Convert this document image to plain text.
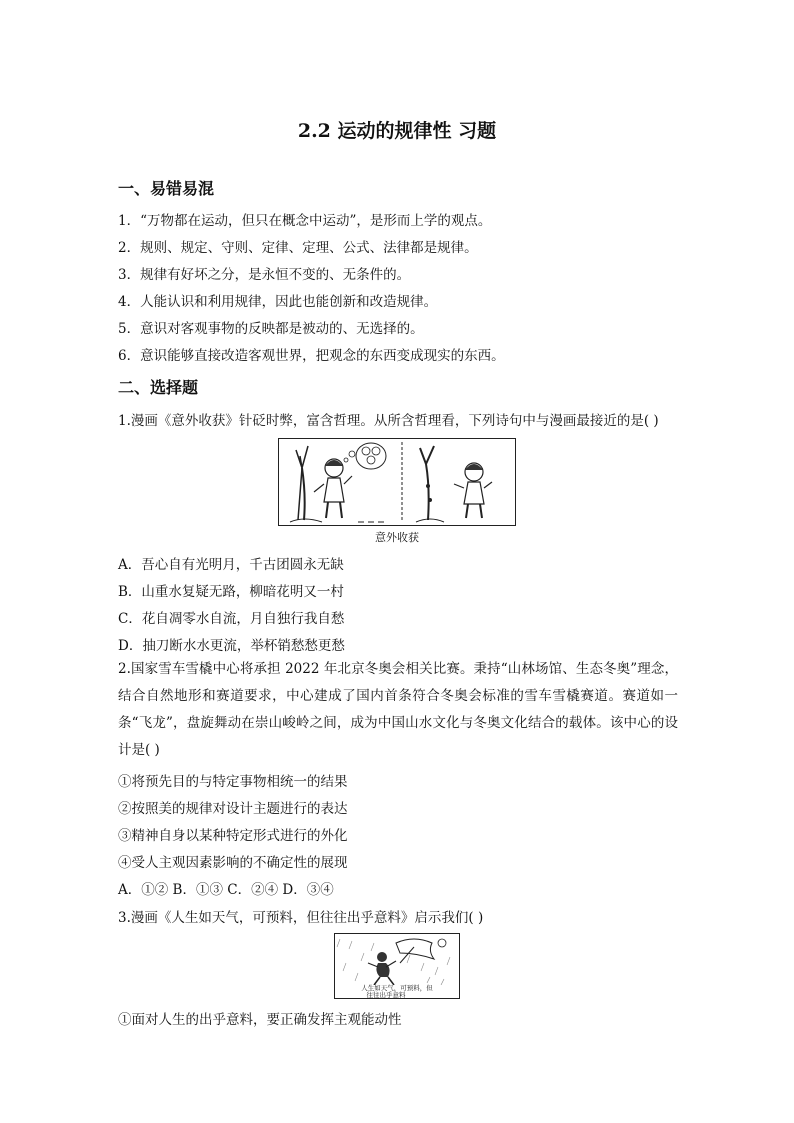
2.2 运动的规律性 习题
一、易错易混
1．“万物都在运动，但只在概念中运动”，是形而上学的观点。
2．规则、规定、守则、定律、定理、公式、法律都是规律。
3．规律有好坏之分，是永恒不变的、无条件的。
4．人能认识和利用规律，因此也能创新和改造规律。
5．意识对客观事物的反映都是被动的、无选择的。
6．意识能够直接改造客观世界，把观念的东西变成现实的东西。
二、选择题
1.漫画《意外收获》针砭时弊，富含哲理。从所含哲理看，下列诗句中与漫画最接近的是( )
意外收获
A．吾心自有光明月，千古团圆永无缺
B．山重水复疑无路，柳暗花明又一村
C．花自凋零水自流，月自独行我自愁
D．抽刀断水水更流，举杯销愁愁更愁
2.国家雪车雪橇中心将承担 2022 年北京冬奥会相关比赛。秉持“山林场馆、生态冬奥”理念，结合自然地形和赛道要求，中心建成了国内首条符合冬奥会标准的雪车雪橇赛道。赛道如一条“飞龙”，盘旋舞动在崇山峻岭之间，成为中国山水文化与冬奥文化结合的载体。该中心的设计是( )
①将预先目的与特定事物相统一的结果
②按照美的规律对设计主题进行的表达
③精神自身以某种特定形式进行的外化
④受人主观因素影响的不确定性的展现
A．①② B．①③ C．②④ D．③④
3.漫画《人生如天气，可预料，但往往出乎意料》启示我们( )
人生如天气，可预料，但
往往出乎意料
①面对人生的出乎意料，要正确发挥主观能动性
